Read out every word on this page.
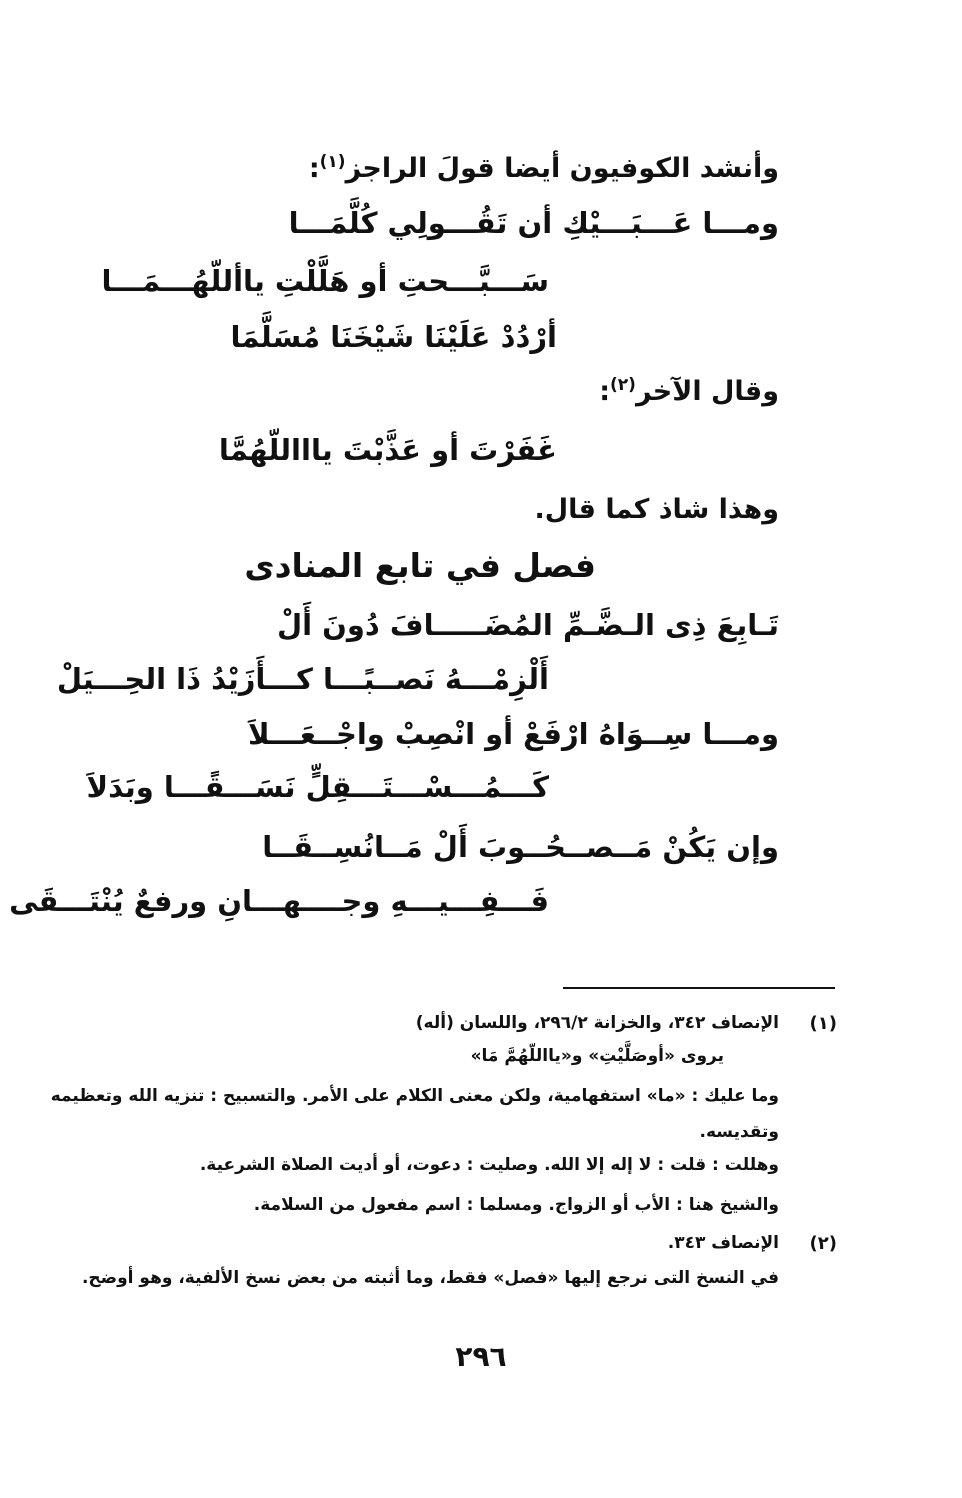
وأنشد الكوفيون أيضا قولَ الراجز$^{(١)}$:
ومـــا عَـــبَـــيْكِ أن تَقُـــولِي كُلَّمَـــا
سَـــبَّـــحتِ أو هَلَّلْتِ ياأللّهُـــمَـــا
أرْدُدْ عَلَيْنَا شَيْخَنَا مُسَلَّمَا
وقال الآخر$^{(٢)}$:
غَفَرْتَ أو عَذَّبْتَ ياااللّهُمَّا
وهذا شاذ كما قال.
فصل في تابع المنادى
تَـابِعَ ذِى الـضَّـمِّ المُضَـــــافَ دُونَ أَلْ
أَلْزِمْـــهُ نَصــبًـــا كـــأَزَيْدُ ذَا الحِـــيَلْ
ومـــا سِــوَاهُ ارْفَعْ أو انْصِبْ واجْــعَـــلاَ
كَـــمُـــسْـــتَـــقِلٍّ نَسَـــقًـــا وبَدَلاَ
وإن يَكُنْ مَــصــحُــوبَ أَلْ مَــانُسِــقَــا
فَـــفِـــيـــهِ وجــــهـــانِ ورفعٌ يُنْتَـــقَى
(١)
الإنصاف ٣٤٢، والخزانة ٢٩٦/٢، واللسان (أله)
يروى «أوصَلَّيْتِ» و«يااللّهُمَّ مَا»
وما عليك : «ما» استفهامية، ولكن معنى الكلام على الأمر. والتسبيح : تنزيه الله وتعظيمه
وتقديسه.
وهللت : قلت : لا إله إلا الله. وصليت : دعوت، أو أديت الصلاة الشرعية.
والشيخ هنا : الأب أو الزواج. ومسلما : اسم مفعول من السلامة.
(٢)
الإنصاف ٣٤٣.
في النسخ التى نرجع إليها «فصل» فقط، وما أثبته من بعض نسخ الألفية، وهو أوضح.
٢٩٦
